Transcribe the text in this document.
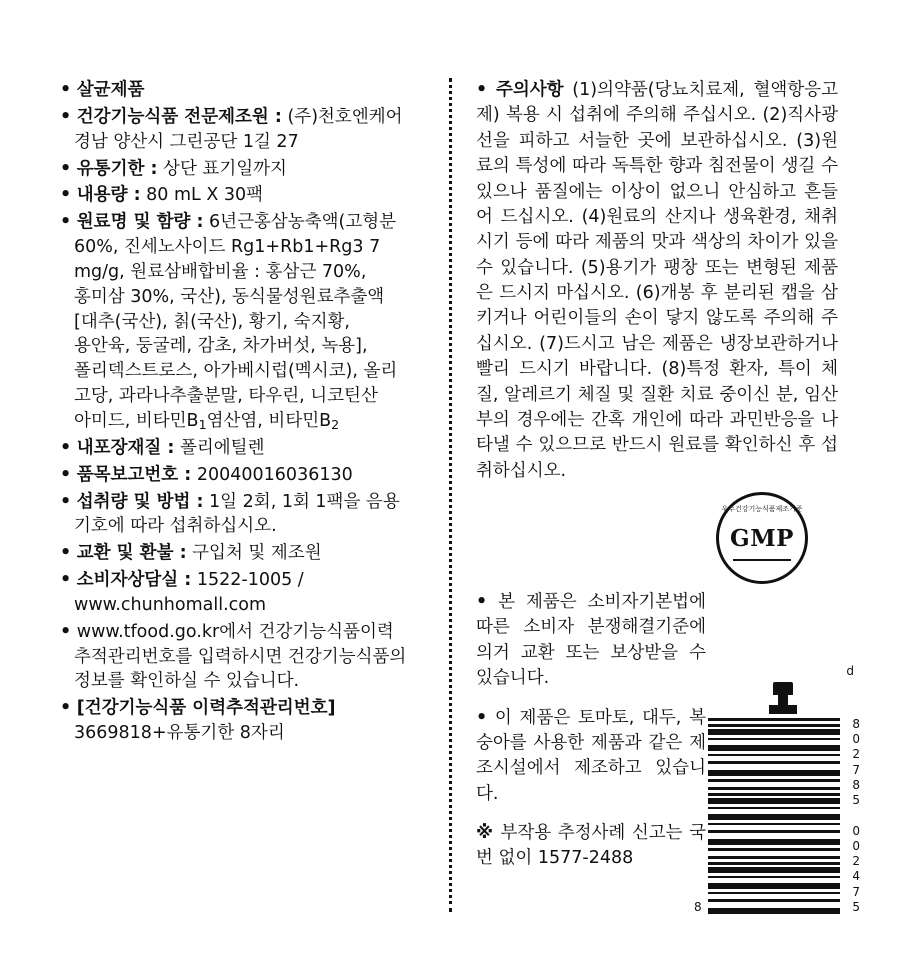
• 살균제품
• 건강기능식품 전문제조원 : (주)천호엔케어
경남 양산시 그린공단 1길 27
• 유통기한 : 상단 표기일까지
• 내용량 : 80 mL X 30팩
• 원료명 및 함량 : 6년근홍삼농축액(고형분
60%, 진세노사이드 Rg1+Rb1+Rg3 7
mg/g, 원료삼배합비율 : 홍삼근 70%,
홍미삼 30%, 국산), 동식물성원료추출액
[대추(국산), 칡(국산), 황기, 숙지황,
용안육, 둥굴레, 감초, 차가버섯, 녹용],
폴리덱스트로스, 아가베시럽(멕시코), 올리
고당, 과라나추출분말, 타우린, 니코틴산
아미드, 비타민B1염산염, 비타민B2
• 내포장재질 : 폴리에틸렌
• 품목보고번호 : 20040016036130
• 섭취량 및 방법 : 1일 2회, 1회 1팩을 음용
기호에 따라 섭취하십시오.
• 교환 및 환불 : 구입처 및 제조원
• 소비자상담실 : 1522-1005 /
www.chunhomall.com
• www.tfood.go.kr에서 건강기능식품이력
추적관리번호를 입력하시면 건강기능식품의
정보를 확인하실 수 있습니다.
• [건강기능식품 이력추적관리번호]
3669818+유통기한 8자리
• 주의사항 (1)의약품(당뇨치료제, 혈액항응고제) 복용 시 섭취에 주의해 주십시오. (2)직사광선을 피하고 서늘한 곳에 보관하십시오. (3)원료의 특성에 따라 독특한 향과 침전물이 생길 수 있으나 품질에는 이상이 없으니 안심하고 흔들어 드십시오. (4)원료의 산지나 생육환경, 채취시기 등에 따라 제품의 맛과 색상의 차이가 있을 수 있습니다. (5)용기가 팽창 또는 변형된 제품은 드시지 마십시오. (6)개봉 후 분리된 캡을 삼키거나 어린이들의 손이 닿지 않도록 주의해 주십시오. (7)드시고 남은 제품은 냉장보관하거나 빨리 드시기 바랍니다. (8)특정 환자, 특이 체질, 알레르기 체질 및 질환 치료 중이신 분, 임산부의 경우에는 간혹 개인에 따라 과민반응을 나타낼 수 있으므로 반드시 원료를 확인하신 후 섭취하십시오.
우수건강기능식품제조기준
GMP
• 본 제품은 소비자기본법에 따른 소비자 분쟁해결기준에 의거 교환 또는 보상받을 수 있습니다.
• 이 제품은 토마토, 대두, 복숭아를 사용한 제품과 같은 제조시설에서 제조하고 있습니다.
※ 부작용 추정사례 신고는 국번 없이 1577-2488
d
8
8
0
2
7
8
5

0
0
2
4
7
5
